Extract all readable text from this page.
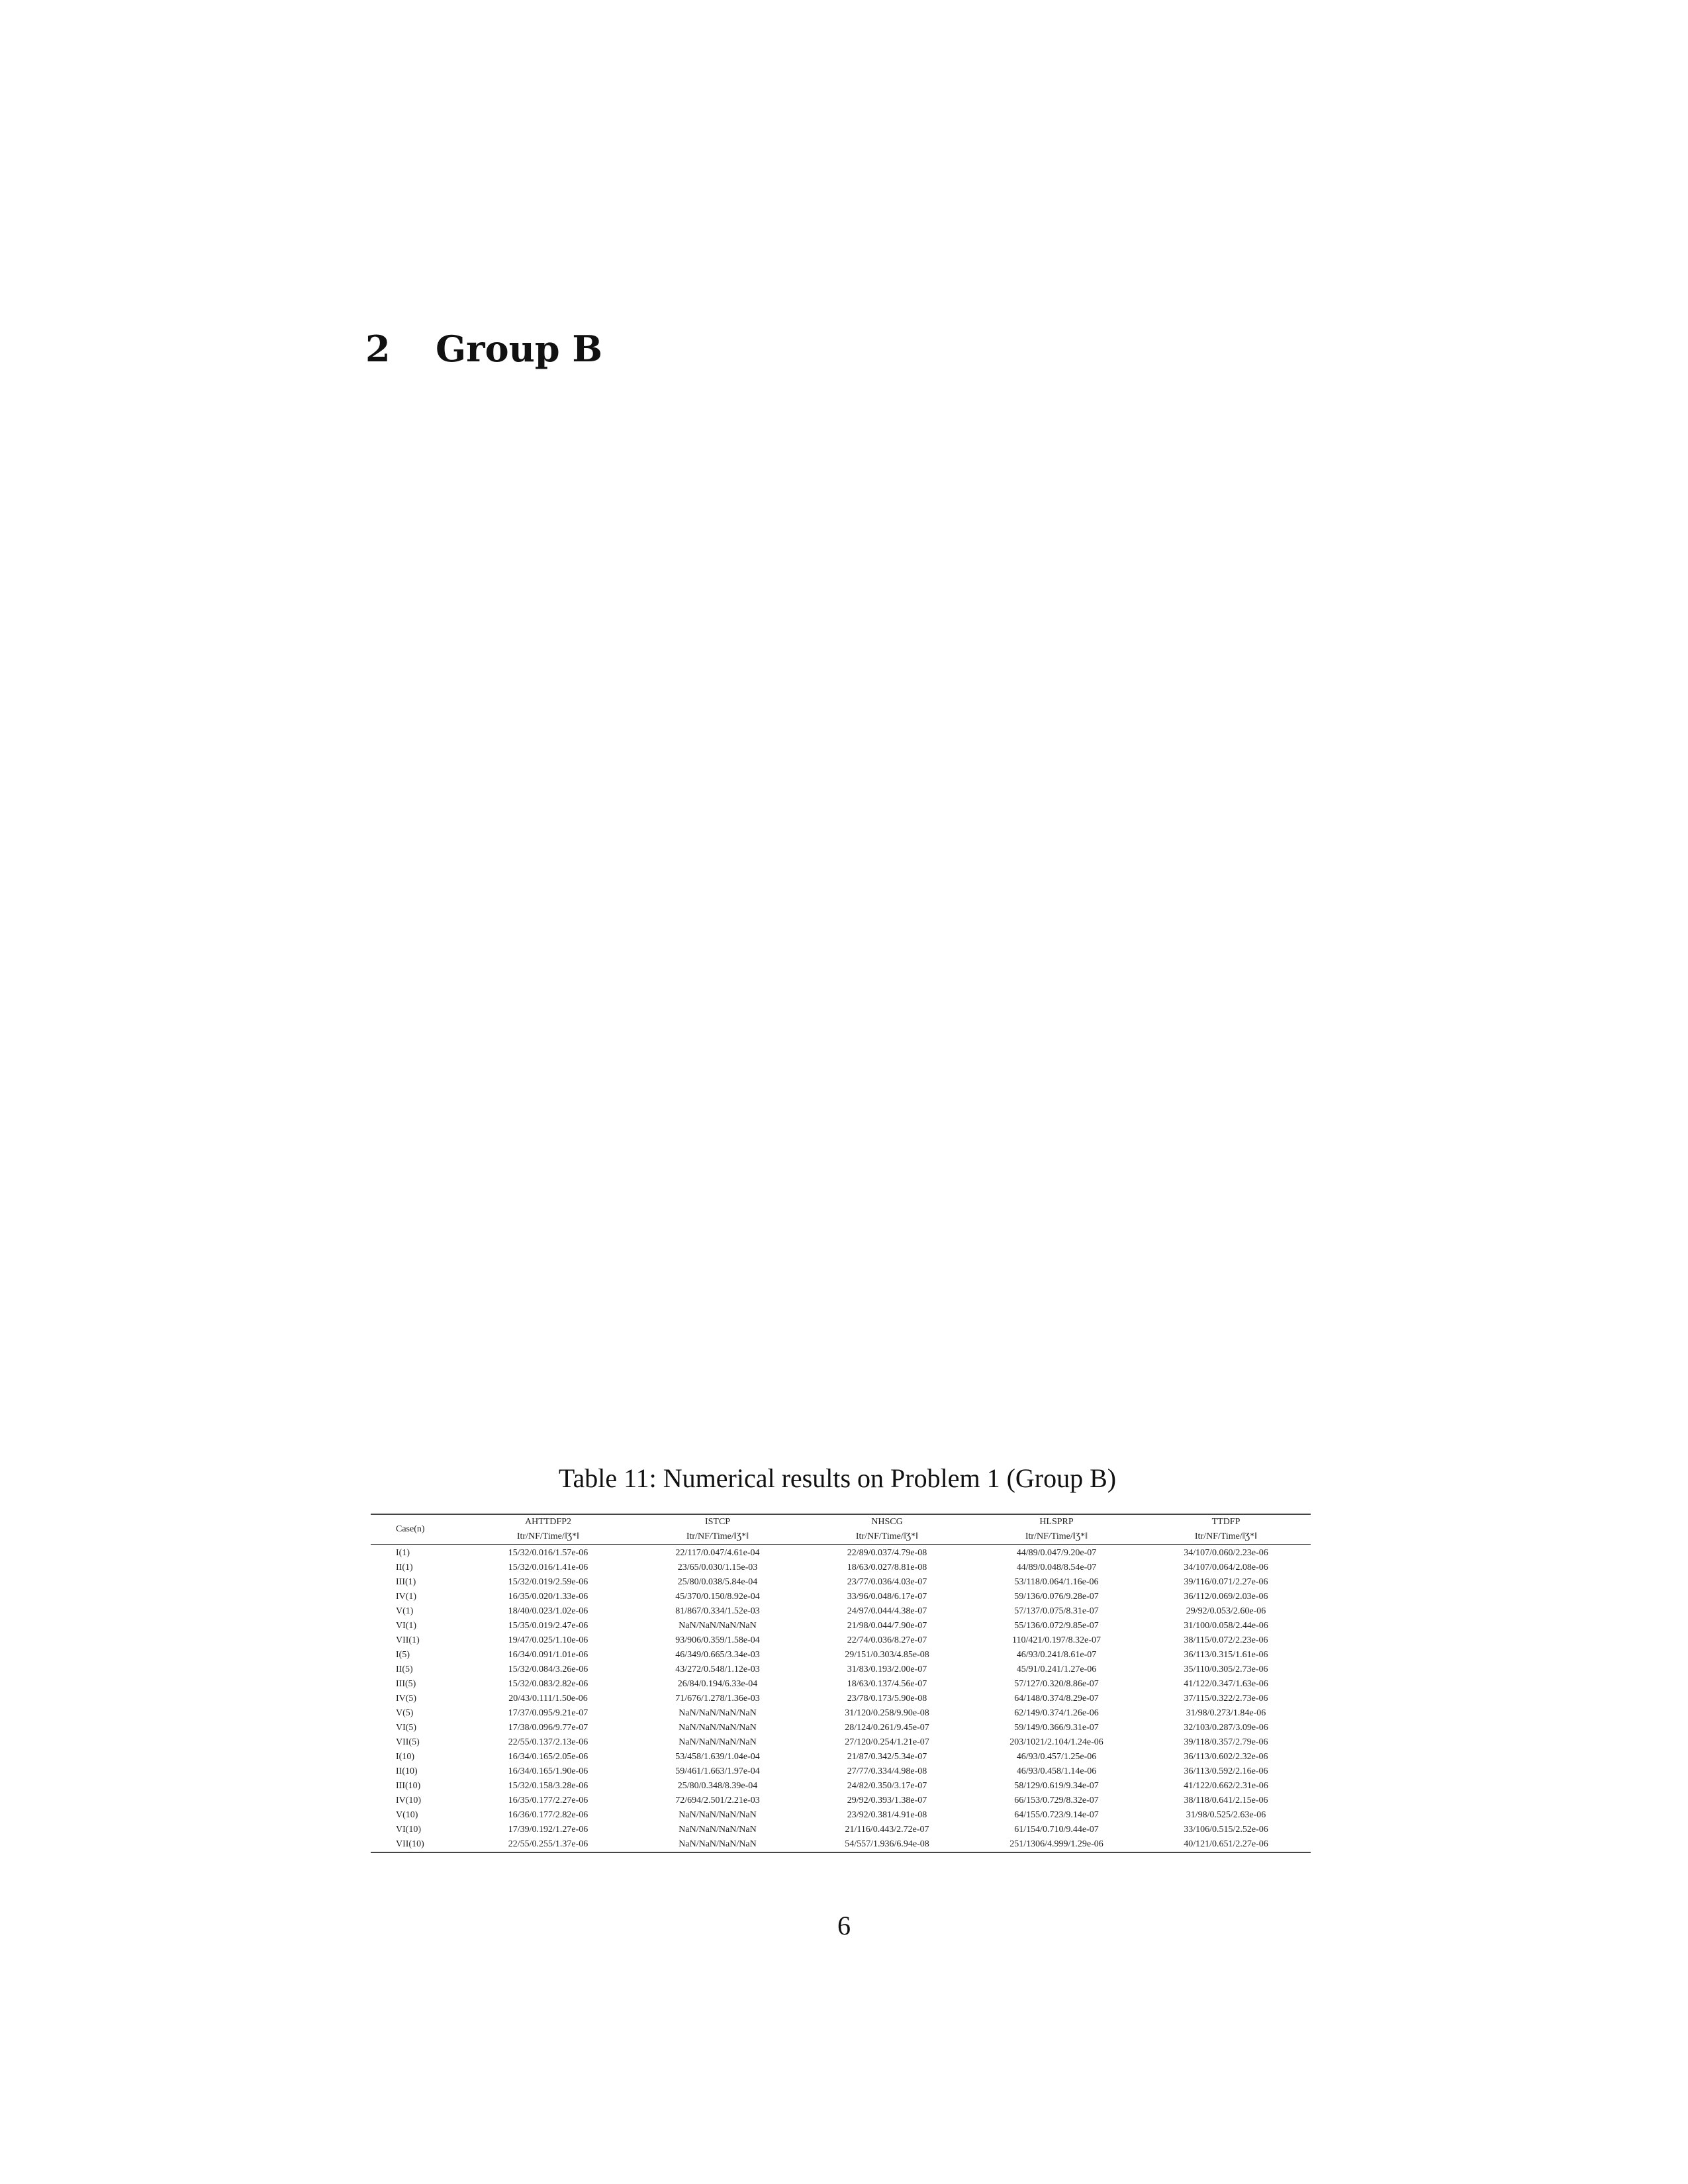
2 Group B

Table 11: Numerical results on Problem 1 (Group B)

Case(n)	AHTTDFP2	ISTCP	NHSCG	HLSPRP	TTDFP
	Itr/NF/Time/‖Ʒ*‖	Itr/NF/Time/‖Ʒ*‖	Itr/NF/Time/‖Ʒ*‖	Itr/NF/Time/‖Ʒ*‖	Itr/NF/Time/‖Ʒ*‖
I(1)	15/32/0.016/1.57e-06	22/117/0.047/4.61e-04	22/89/0.037/4.79e-08	44/89/0.047/9.20e-07	34/107/0.060/2.23e-06
II(1)	15/32/0.016/1.41e-06	23/65/0.030/1.15e-03	18/63/0.027/8.81e-08	44/89/0.048/8.54e-07	34/107/0.064/2.08e-06
III(1)	15/32/0.019/2.59e-06	25/80/0.038/5.84e-04	23/77/0.036/4.03e-07	53/118/0.064/1.16e-06	39/116/0.071/2.27e-06
IV(1)	16/35/0.020/1.33e-06	45/370/0.150/8.92e-04	33/96/0.048/6.17e-07	59/136/0.076/9.28e-07	36/112/0.069/2.03e-06
V(1)	18/40/0.023/1.02e-06	81/867/0.334/1.52e-03	24/97/0.044/4.38e-07	57/137/0.075/8.31e-07	29/92/0.053/2.60e-06
VI(1)	15/35/0.019/2.47e-06	NaN/NaN/NaN/NaN	21/98/0.044/7.90e-07	55/136/0.072/9.85e-07	31/100/0.058/2.44e-06
VII(1)	19/47/0.025/1.10e-06	93/906/0.359/1.58e-04	22/74/0.036/8.27e-07	110/421/0.197/8.32e-07	38/115/0.072/2.23e-06
I(5)	16/34/0.091/1.01e-06	46/349/0.665/3.34e-03	29/151/0.303/4.85e-08	46/93/0.241/8.61e-07	36/113/0.315/1.61e-06
II(5)	15/32/0.084/3.26e-06	43/272/0.548/1.12e-03	31/83/0.193/2.00e-07	45/91/0.241/1.27e-06	35/110/0.305/2.73e-06
III(5)	15/32/0.083/2.82e-06	26/84/0.194/6.33e-04	18/63/0.137/4.56e-07	57/127/0.320/8.86e-07	41/122/0.347/1.63e-06
IV(5)	20/43/0.111/1.50e-06	71/676/1.278/1.36e-03	23/78/0.173/5.90e-08	64/148/0.374/8.29e-07	37/115/0.322/2.73e-06
V(5)	17/37/0.095/9.21e-07	NaN/NaN/NaN/NaN	31/120/0.258/9.90e-08	62/149/0.374/1.26e-06	31/98/0.273/1.84e-06
VI(5)	17/38/0.096/9.77e-07	NaN/NaN/NaN/NaN	28/124/0.261/9.45e-07	59/149/0.366/9.31e-07	32/103/0.287/3.09e-06
VII(5)	22/55/0.137/2.13e-06	NaN/NaN/NaN/NaN	27/120/0.254/1.21e-07	203/1021/2.104/1.24e-06	39/118/0.357/2.79e-06
I(10)	16/34/0.165/2.05e-06	53/458/1.639/1.04e-04	21/87/0.342/5.34e-07	46/93/0.457/1.25e-06	36/113/0.602/2.32e-06
II(10)	16/34/0.165/1.90e-06	59/461/1.663/1.97e-04	27/77/0.334/4.98e-08	46/93/0.458/1.14e-06	36/113/0.592/2.16e-06
III(10)	15/32/0.158/3.28e-06	25/80/0.348/8.39e-04	24/82/0.350/3.17e-07	58/129/0.619/9.34e-07	41/122/0.662/2.31e-06
IV(10)	16/35/0.177/2.27e-06	72/694/2.501/2.21e-03	29/92/0.393/1.38e-07	66/153/0.729/8.32e-07	38/118/0.641/2.15e-06
V(10)	16/36/0.177/2.82e-06	NaN/NaN/NaN/NaN	23/92/0.381/4.91e-08	64/155/0.723/9.14e-07	31/98/0.525/2.63e-06
VI(10)	17/39/0.192/1.27e-06	NaN/NaN/NaN/NaN	21/116/0.443/2.72e-07	61/154/0.710/9.44e-07	33/106/0.515/2.52e-06
VII(10)	22/55/0.255/1.37e-06	NaN/NaN/NaN/NaN	54/557/1.936/6.94e-08	251/1306/4.999/1.29e-06	40/121/0.651/2.27e-06

6
